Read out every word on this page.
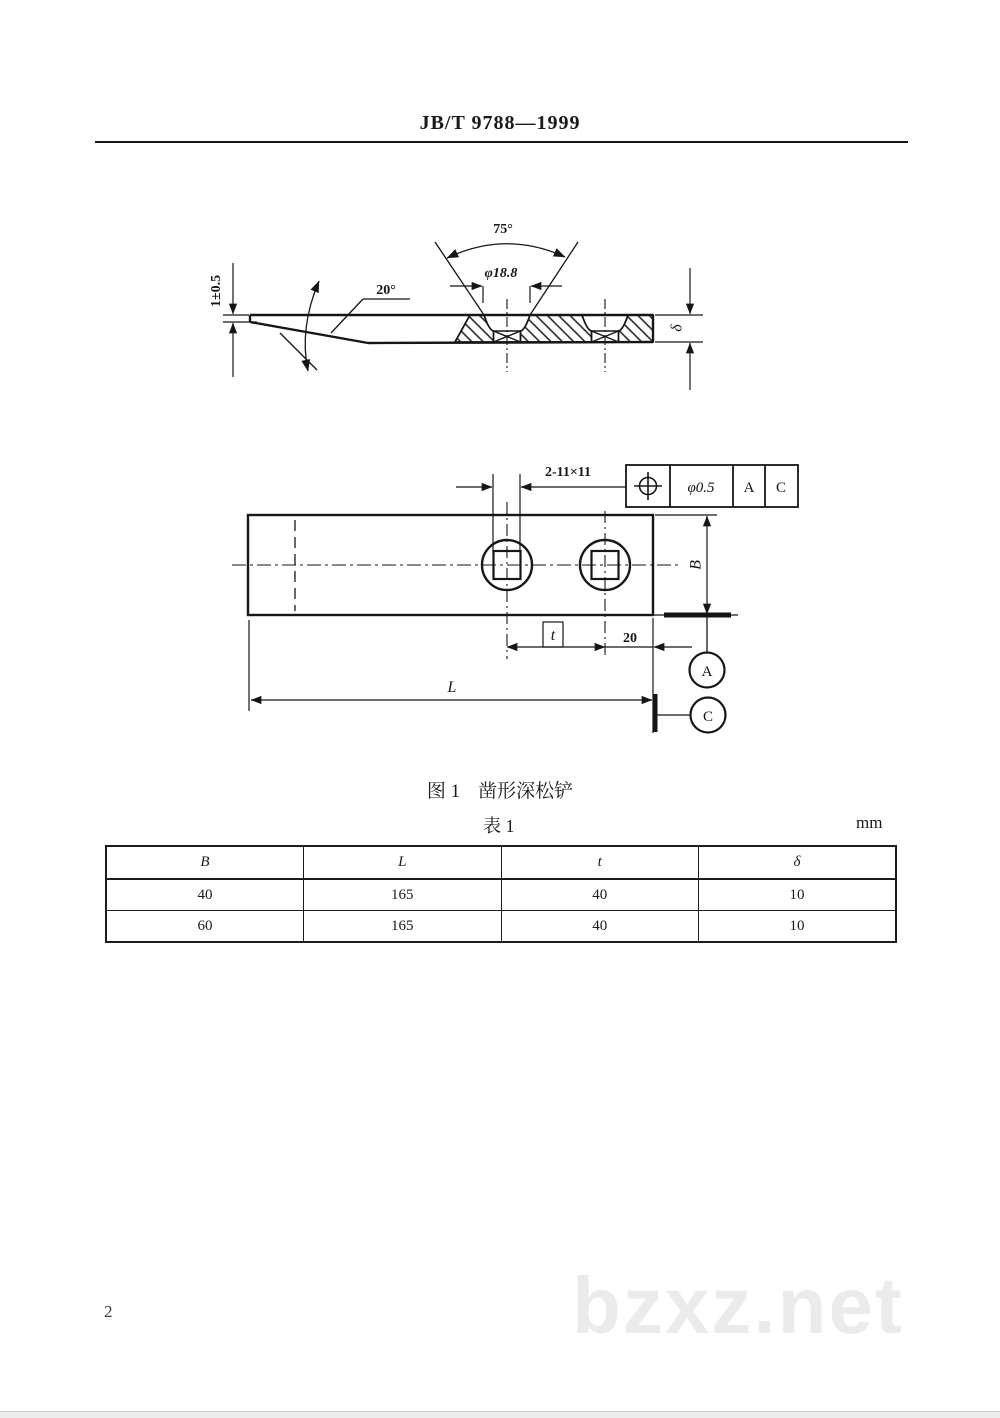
JB/T 9788—1999
75°
φ18.8
20°
1±0.5
δ
2-11×11
φ0.5 A C
B
t	20
L
A
C
图 1 凿形深松铲
表 1	mm
B	L	t	δ
40	165	40	10
60	165	40	10
2	bzxz.net
